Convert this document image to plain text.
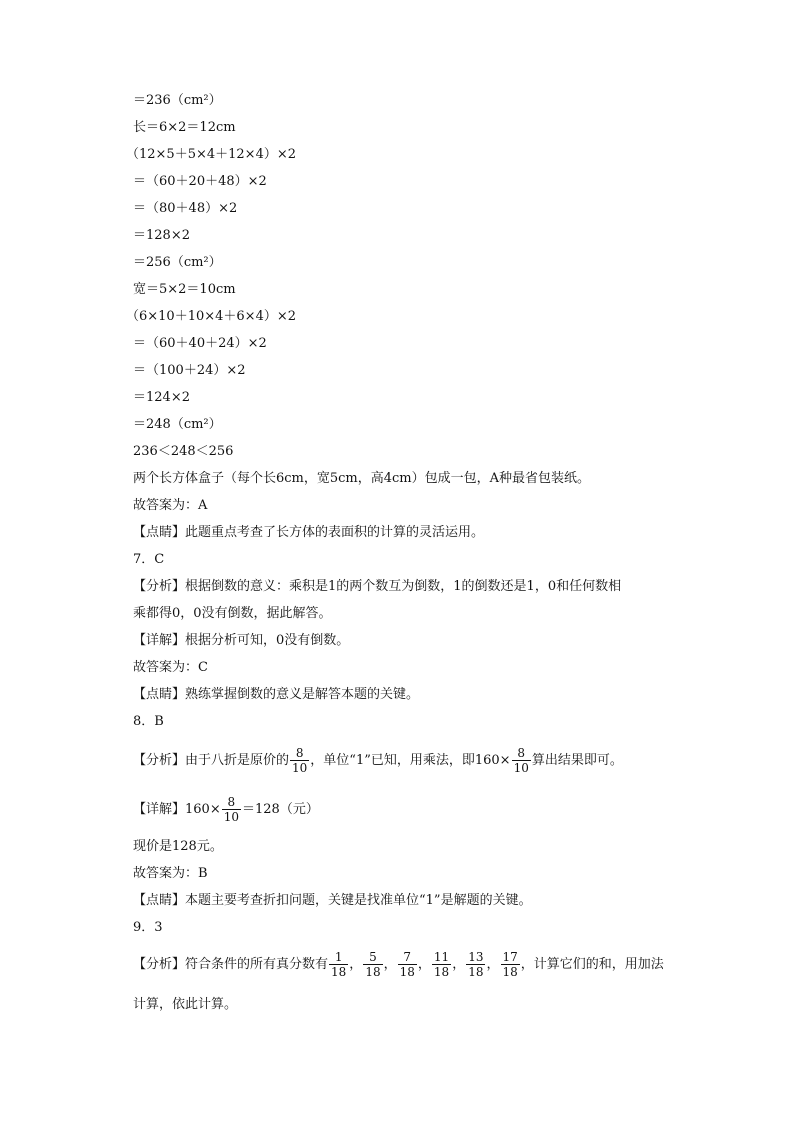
＝236（cm²）
长＝6×2＝12cm
（12×5＋5×4＋12×4）×2
＝（60＋20＋48）×2
＝（80＋48）×2
＝128×2
＝256（cm²）
宽＝5×2＝10cm
（6×10＋10×4＋6×4）×2
＝（60＋40＋24）×2
＝（100＋24）×2
＝124×2
＝248（cm²）
236＜248＜256
两个长方体盒子（每个长6cm，宽5cm，高4cm）包成一包，A种最省包装纸。
故答案为：A
【点睛】此题重点考查了长方体的表面积的计算的灵活运用。
7．C
【分析】根据倒数的意义：乘积是1的两个数互为倒数，1的倒数还是1，0和任何数相
乘都得0，0没有倒数，据此解答。
【详解】根据分析可知，0没有倒数。
故答案为：C
【点睛】熟练掌握倒数的意义是解答本题的关键。
8．B
【分析】由于八折是原价的 $\frac{8}{10}$ ，单位“1”已知，用乘法，即$160\times \frac{8}{10}$ 算出结果即可。
【详解】$160\times \frac{8}{10} =128$（元）
现价是128元。
故答案为：B
【点睛】本题主要考查折扣问题，关键是找准单位“1”是解题的关键。
9．3
【分析】符合条件的所有真分数有 $\frac{1}{18}$ ， $\frac{5}{18}$ ， $\frac{7}{18}$ ， $\frac{11}{18}$ ， $\frac{13}{18}$ ， $\frac{17}{18}$ ，计算它们的和，用加法
计算，依此计算。
